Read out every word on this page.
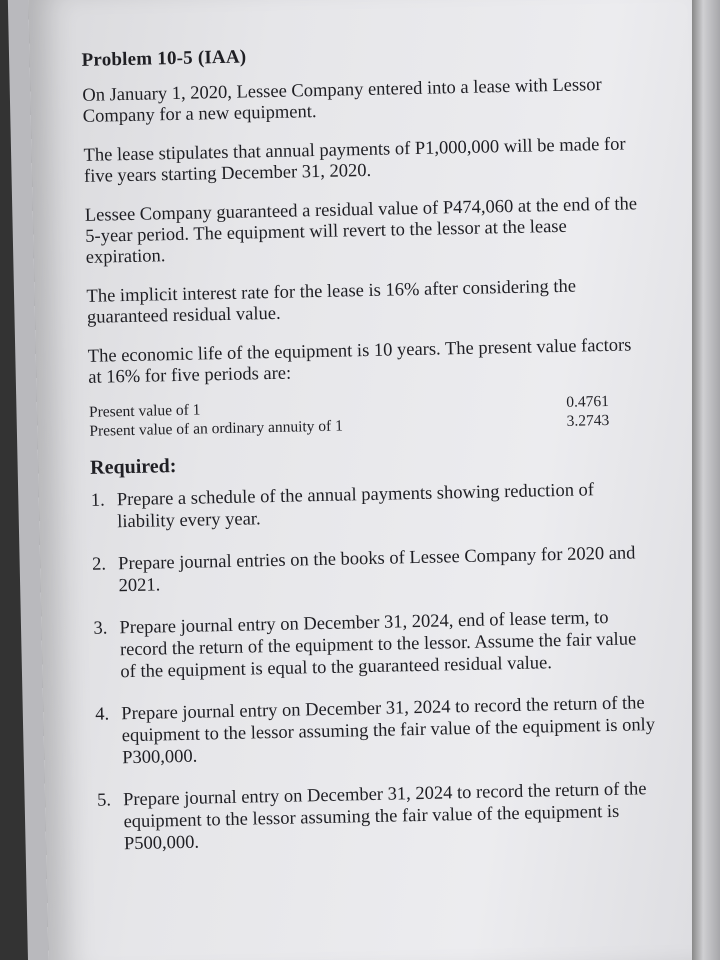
Problem 10-5 (IAA)

On January 1, 2020, Lessee Company entered into a lease with Lessor Company for a new equipment.

The lease stipulates that annual payments of P1,000,000 will be made for five years starting December 31, 2020.

Lessee Company guaranteed a residual value of P474,060 at the end of the 5-year period. The equipment will revert to the lessor at the lease expiration.

The implicit interest rate for the lease is 16% after considering the guaranteed residual value.

The economic life of the equipment is 10 years. The present value factors at 16% for five periods are:

Present value of 1	0.4761
Present value of an ordinary annuity of 1	3.2743
Required:
1. Prepare a schedule of the annual payments showing reduction of liability every year.
2. Prepare journal entries on the books of Lessee Company for 2020 and 2021.
3. Prepare journal entry on December 31, 2024, end of lease term, to record the return of the equipment to the lessor. Assume the fair value of the equipment is equal to the guaranteed residual value.
4. Prepare journal entry on December 31, 2024 to record the return of the equipment to the lessor assuming the fair value of the equipment is only P300,000.
5. Prepare journal entry on December 31, 2024 to record the return of the equipment to the lessor assuming the fair value of the equipment is P500,000.
